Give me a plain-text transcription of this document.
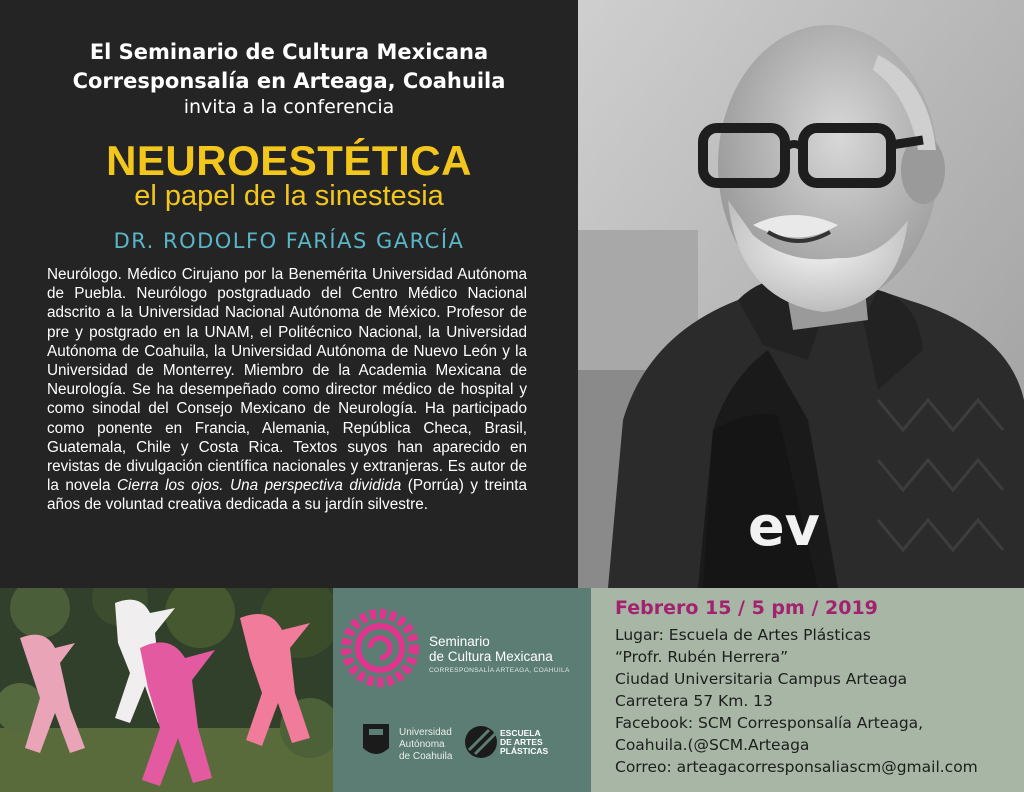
El Seminario de Cultura Mexicana
Corresponsalía en Arteaga, Coahuila
invita a la conferencia
NEUROESTÉTICA
el papel de la sinestesia
DR. RODOLFO FARÍAS GARCÍA
Neurólogo. Médico Cirujano por la Benemérita Universidad Autónoma de Puebla. Neurólogo postgraduado del Centro Médico Nacional adscrito a la Universidad Nacional Autónoma de México. Profesor de pre y postgrado en la UNAM, el Politécnico Nacional, la Universidad Autónoma de Coahuila, la Universidad Autónoma de Nuevo León y la Universidad de Monterrey. Miembro de la Academia Mexicana de Neurología. Se ha desempeñado como director médico de hospital y como sinodal del Consejo Mexicano de Neurología. Ha participado como ponente en Francia, Alemania, República Checa, Brasil, Guatemala, Chile y Costa Rica. Textos suyos han aparecido en revistas de divulgación científica nacionales y extranjeras. Es autor de la novela Cierra los ojos. Una perspectiva dividida (Porrúa) y treinta años de voluntad creativa dedicada a su jardín silvestre.	ev
Seminario
de Cultura Mexicana
CORRESPONSALÍA ARTEAGA, COAHUILA
Universidad
Autónoma
de Coahuila
ESCUELA
DE ARTES
PLÁSTICAS
Febrero 15 / 5 pm / 2019
Lugar: Escuela de Artes Plásticas
“Profr. Rubén Herrera”
Ciudad Universitaria Campus Arteaga
Carretera 57 Km. 13
Facebook: SCM Corresponsalía Arteaga,
Coahuila.(@SCM.Arteaga
Correo: arteagacorresponsaliascm@gmail.com
